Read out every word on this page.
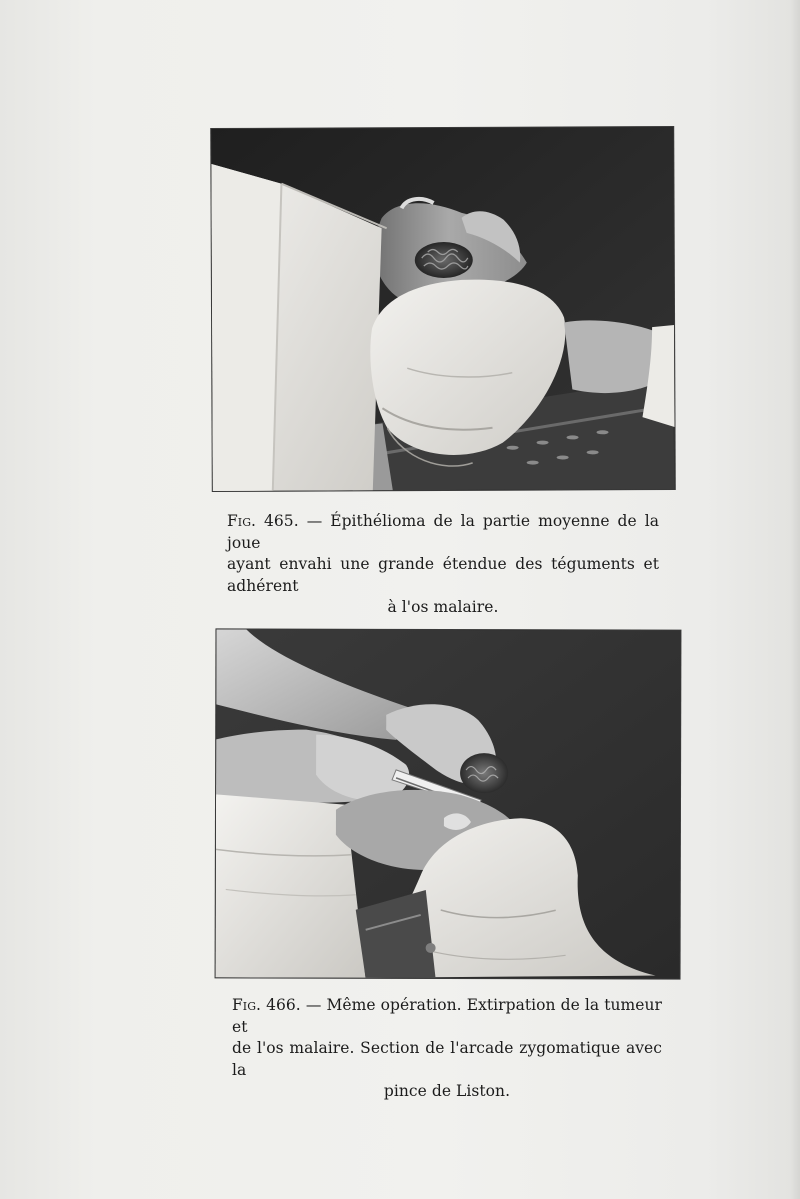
Fig. 465. — Épithélioma de la partie moyenne de la joue
ayant envahi une grande étendue des téguments et adhérent
à l'os malaire.
Fig. 466. — Même opération. Extirpation de la tumeur et
de l'os malaire. Section de l'arcade zygomatique avec la
pince de Liston.
